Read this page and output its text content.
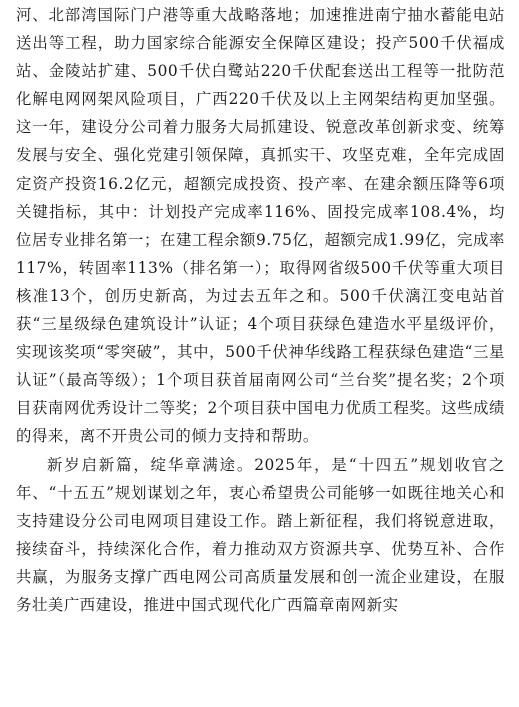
河、北部湾国际门户港等重大战略落地；加速推进南宁抽水蓄能电站送出等工程，助力国家综合能源安全保障区建设；投产500千伏福成站、金陵站扩建、500千伏白鹭站220千伏配套送出工程等一批防范化解电网网架风险项目，广西220千伏及以上主网架结构更加坚强。这一年，建设分公司着力服务大局抓建设、锐意改革创新求变、统筹发展与安全、强化党建引领保障，真抓实干、攻坚克难，全年完成固定资产投资16.2亿元，超额完成投资、投产率、在建余额压降等6项关键指标，其中：计划投产完成率116%、固投完成率108.4%，均位居专业排名第一；在建工程余额9.75亿，超额完成1.99亿，完成率117%，转固率113%（排名第一）；取得网省级500千伏等重大项目核准13个，创历史新高，为过去五年之和。500千伏漓江变电站首获“三星级绿色建筑设计”认证；4个项目获绿色建造水平星级评价，实现该奖项“零突破”，其中，500千伏神华线路工程获绿色建造“三星认证”（最高等级）；1个项目获首届南网公司“兰台奖”提名奖；2个项目获南网优秀设计二等奖；2个项目获中国电力优质工程奖。这些成绩的得来，离不开贵公司的倾力支持和帮助。

新岁启新篇，绽华章满途。2025年，是“十四五”规划收官之年、“十五五”规划谋划之年，衷心希望贵公司能够一如既往地关心和支持建设分公司电网项目建设工作。踏上新征程，我们将锐意进取，接续奋斗，持续深化合作，着力推动双方资源共享、优势互补、合作共赢，为服务支撑广西电网公司高质量发展和创一流企业建设，在服务壮美广西建设，推进中国式现代化广西篇章南网新实
